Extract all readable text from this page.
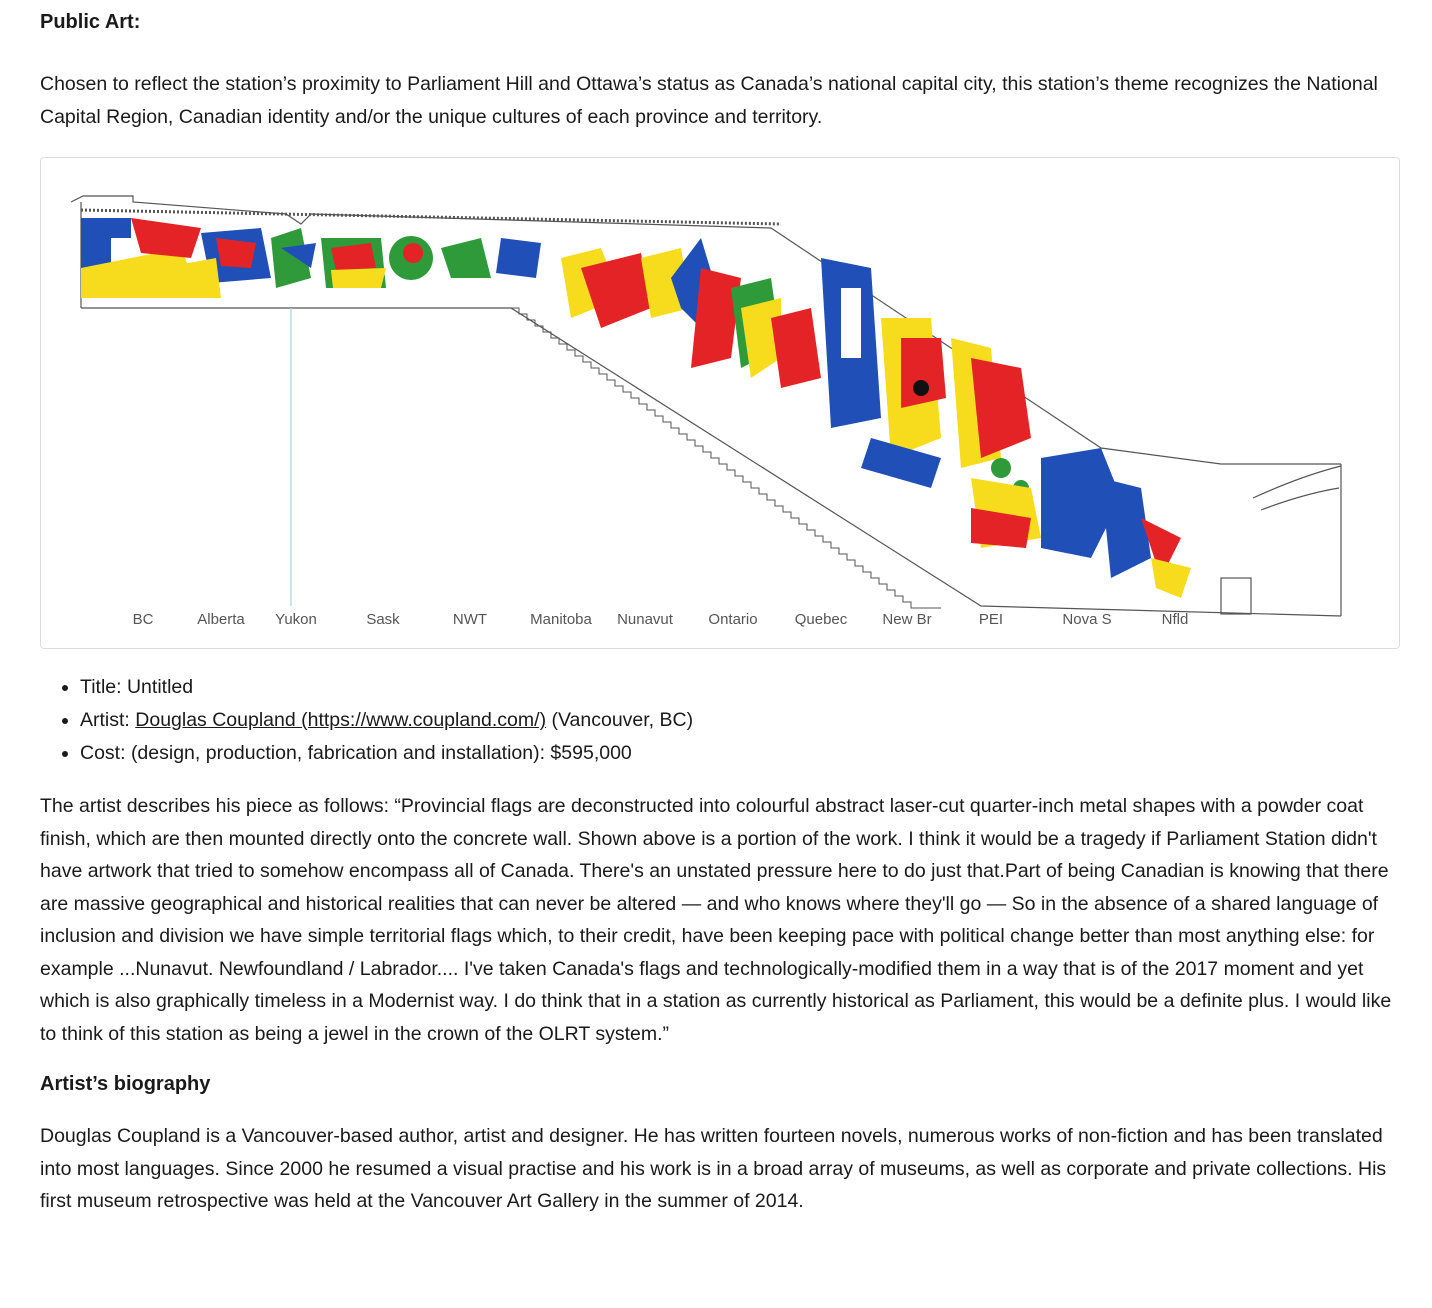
Public Art:

Chosen to reflect the station’s proximity to Parliament Hill and Ottawa’s status as Canada’s national capital city, this station’s theme recognizes the National Capital Region, Canadian identity and/or the unique cultures of each province and territory.

BC	Alberta Yukon	Sask	NWT	Manitoba Nunavut Ontario Quebec New Br	PEI	Nova S	Nfld
• Title: Untitled
• Artist: Douglas Coupland (https://www.coupland.com/) (Vancouver, BC)
• Cost: (design, production, fabrication and installation): $595,000

The artist describes his piece as follows: “Provincial flags are deconstructed into colourful abstract laser-cut quarter-inch metal shapes with a powder coat finish, which are then mounted directly onto the concrete wall. Shown above is a portion of the work. I think it would be a tragedy if Parliament Station didn't have artwork that tried to somehow encompass all of Canada. There's an unstated pressure here to do just that.Part of being Canadian is knowing that there are massive geographical and historical realities that can never be altered — and who knows where they'll go — So in the absence of a shared language of inclusion and division we have simple territorial flags which, to their credit, have been keeping pace with political change better than most anything else: for example ...Nunavut. Newfoundland / Labrador.... I've taken Canada's flags and technologically-modified them in a way that is of the 2017 moment and yet which is also graphically timeless in a Modernist way. I do think that in a station as currently historical as Parliament, this would be a definite plus. I would like to think of this station as being a jewel in the crown of the OLRT system.”

Artist’s biography

Douglas Coupland is a Vancouver-based author, artist and designer. He has written fourteen novels, numerous works of non-fiction and has been translated into most languages. Since 2000 he resumed a visual practise and his work is in a broad array of museums, as well as corporate and private collections. His first museum retrospective was held at the Vancouver Art Gallery in the summer of 2014.
